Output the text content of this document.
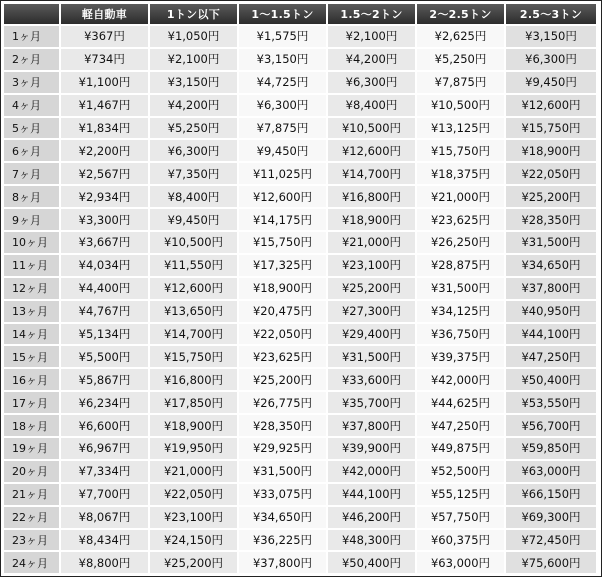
	軽自動車	1トン以下	1〜1.5トン	1.5〜2トン	2〜2.5トン	2.5〜3トン
1ヶ月	¥367円	¥1,050円	¥1,575円	¥2,100円	¥2,625円	¥3,150円
2ヶ月	¥734円	¥2,100円	¥3,150円	¥4,200円	¥5,250円	¥6,300円
3ヶ月	¥1,100円	¥3,150円	¥4,725円	¥6,300円	¥7,875円	¥9,450円
4ヶ月	¥1,467円	¥4,200円	¥6,300円	¥8,400円	¥10,500円	¥12,600円
5ヶ月	¥1,834円	¥5,250円	¥7,875円	¥10,500円	¥13,125円	¥15,750円
6ヶ月	¥2,200円	¥6,300円	¥9,450円	¥12,600円	¥15,750円	¥18,900円
7ヶ月	¥2,567円	¥7,350円	¥11,025円	¥14,700円	¥18,375円	¥22,050円
8ヶ月	¥2,934円	¥8,400円	¥12,600円	¥16,800円	¥21,000円	¥25,200円
9ヶ月	¥3,300円	¥9,450円	¥14,175円	¥18,900円	¥23,625円	¥28,350円
10ヶ月	¥3,667円	¥10,500円	¥15,750円	¥21,000円	¥26,250円	¥31,500円
11ヶ月	¥4,034円	¥11,550円	¥17,325円	¥23,100円	¥28,875円	¥34,650円
12ヶ月	¥4,400円	¥12,600円	¥18,900円	¥25,200円	¥31,500円	¥37,800円
13ヶ月	¥4,767円	¥13,650円	¥20,475円	¥27,300円	¥34,125円	¥40,950円
14ヶ月	¥5,134円	¥14,700円	¥22,050円	¥29,400円	¥36,750円	¥44,100円
15ヶ月	¥5,500円	¥15,750円	¥23,625円	¥31,500円	¥39,375円	¥47,250円
16ヶ月	¥5,867円	¥16,800円	¥25,200円	¥33,600円	¥42,000円	¥50,400円
17ヶ月	¥6,234円	¥17,850円	¥26,775円	¥35,700円	¥44,625円	¥53,550円
18ヶ月	¥6,600円	¥18,900円	¥28,350円	¥37,800円	¥47,250円	¥56,700円
19ヶ月	¥6,967円	¥19,950円	¥29,925円	¥39,900円	¥49,875円	¥59,850円
20ヶ月	¥7,334円	¥21,000円	¥31,500円	¥42,000円	¥52,500円	¥63,000円
21ヶ月	¥7,700円	¥22,050円	¥33,075円	¥44,100円	¥55,125円	¥66,150円
22ヶ月	¥8,067円	¥23,100円	¥34,650円	¥46,200円	¥57,750円	¥69,300円
23ヶ月	¥8,434円	¥24,150円	¥36,225円	¥48,300円	¥60,375円	¥72,450円
24ヶ月	¥8,800円	¥25,200円	¥37,800円	¥50,400円	¥63,000円	¥75,600円
